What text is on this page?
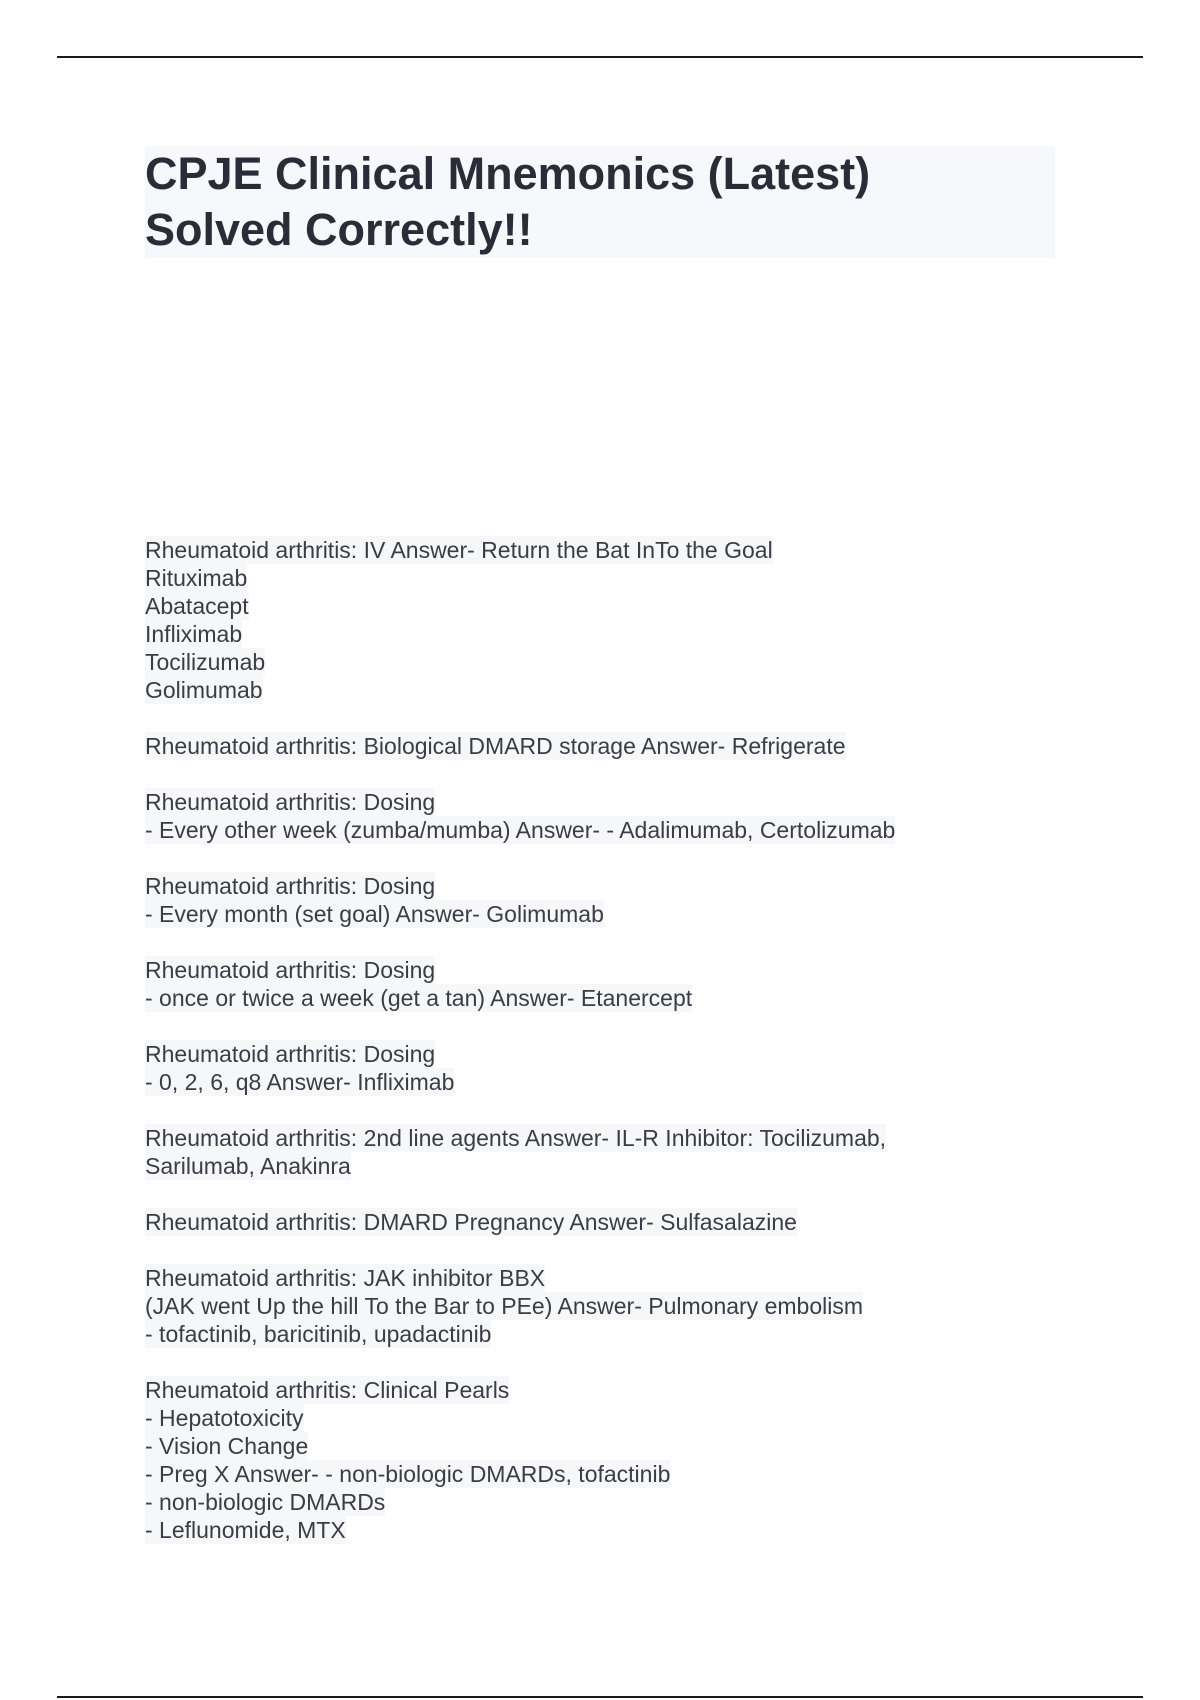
CPJE Clinical Mnemonics (Latest)
Solved Correctly!!
Rheumatoid arthritis: IV Answer- Return the Bat InTo the Goal
Rituximab
Abatacept
Infliximab
Tocilizumab
Golimumab
Rheumatoid arthritis: Biological DMARD storage Answer- Refrigerate
Rheumatoid arthritis: Dosing
- Every other week (zumba/mumba) Answer- - Adalimumab, Certolizumab
Rheumatoid arthritis: Dosing
- Every month (set goal) Answer- Golimumab
Rheumatoid arthritis: Dosing
- once or twice a week (get a tan) Answer- Etanercept
Rheumatoid arthritis: Dosing
- 0, 2, 6, q8 Answer- Infliximab
Rheumatoid arthritis: 2nd line agents Answer- IL-R Inhibitor: Tocilizumab,
Sarilumab, Anakinra
Rheumatoid arthritis: DMARD Pregnancy Answer- Sulfasalazine
Rheumatoid arthritis: JAK inhibitor BBX
(JAK went Up the hill To the Bar to PEe) Answer- Pulmonary embolism
- tofactinib, baricitinib, upadactinib
Rheumatoid arthritis: Clinical Pearls
- Hepatotoxicity
- Vision Change
- Preg X Answer- - non-biologic DMARDs, tofactinib
- non-biologic DMARDs
- Leflunomide, MTX
